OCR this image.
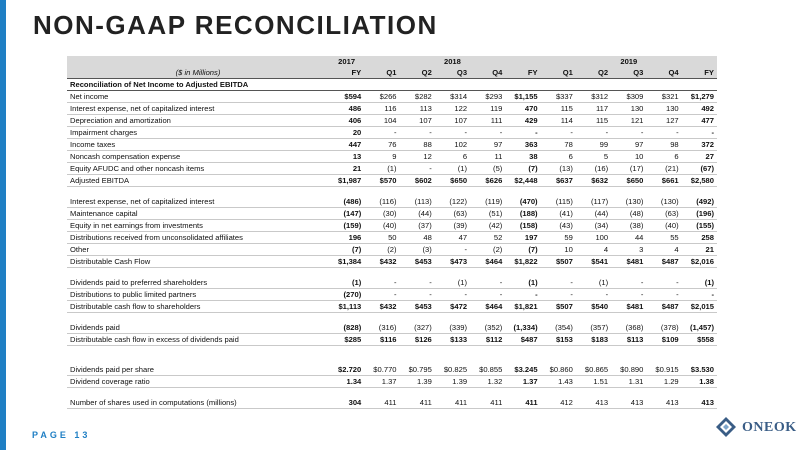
NON-GAAP RECONCILIATION
	2017	2018					2019				
($ in Millions)	FY	Q1	Q2	Q3	Q4	FY	Q1	Q2	Q3	Q4	FY
Reconciliation of Net Income to Adjusted EBITDA											
Net income	$594	$266	$282	$314	$293	$1,155	$337	$312	$309	$321	$1,279
Interest expense, net of capitalized interest	486	116	113	122	119	470	115	117	130	130	492
Depreciation and amortization	406	104	107	107	111	429	114	115	121	127	477
Impairment charges	20	-	-	-	-	-	-	-	-	-	-
Income taxes	447	76	88	102	97	363	78	99	97	98	372
Noncash compensation expense	13	9	12	6	11	38	6	5	10	6	27
Equity AFUDC and other noncash items	21	(1)	-	(1)	(5)	(7)	(13)	(16)	(17)	(21)	(67)
Adjusted EBITDA	$1,987	$570	$602	$650	$626	$2,448	$637	$632	$650	$661	$2,580

Interest expense, net of capitalized interest	(486)	(116)	(113)	(122)	(119)	(470)	(115)	(117)	(130)	(130)	(492)
Maintenance capital	(147)	(30)	(44)	(63)	(51)	(188)	(41)	(44)	(48)	(63)	(196)
Equity in net earnings from investments	(159)	(40)	(37)	(39)	(42)	(158)	(43)	(34)	(38)	(40)	(155)
Distributions received from unconsolidated affiliates	196	50	48	47	52	197	59	100	44	55	258
Other	(7)	(2)	(3)	-	(2)	(7)	10	4	3	4	21
Distributable Cash Flow	$1,384	$432	$453	$473	$464	$1,822	$507	$541	$481	$487	$2,016

Dividends paid to preferred shareholders	(1)	-	-	(1)	-	(1)	-	(1)	-	-	(1)
Distributions to public limited partners	(270)	-	-	-	-	-	-	-	-	-	-
Distributable cash flow to shareholders	$1,113	$432	$453	$472	$464	$1,821	$507	$540	$481	$487	$2,015

Dividends paid	(828)	(316)	(327)	(339)	(352)	(1,334)	(354)	(357)	(368)	(378)	(1,457)
Distributable cash flow in excess of dividends paid	$285	$116	$126	$133	$112	$487	$153	$183	$113	$109	$558

Dividends paid per share	$2.720	$0.770	$0.795	$0.825	$0.855	$3.245	$0.860	$0.865	$0.890	$0.915	$3.530
Dividend coverage ratio	1.34	1.37	1.39	1.39	1.32	1.37	1.43	1.51	1.31	1.29	1.38

Number of shares used in computations (millions)	304	411	411	411	411	411	412	413	413	413	413
PAGE 13	ONEOK
